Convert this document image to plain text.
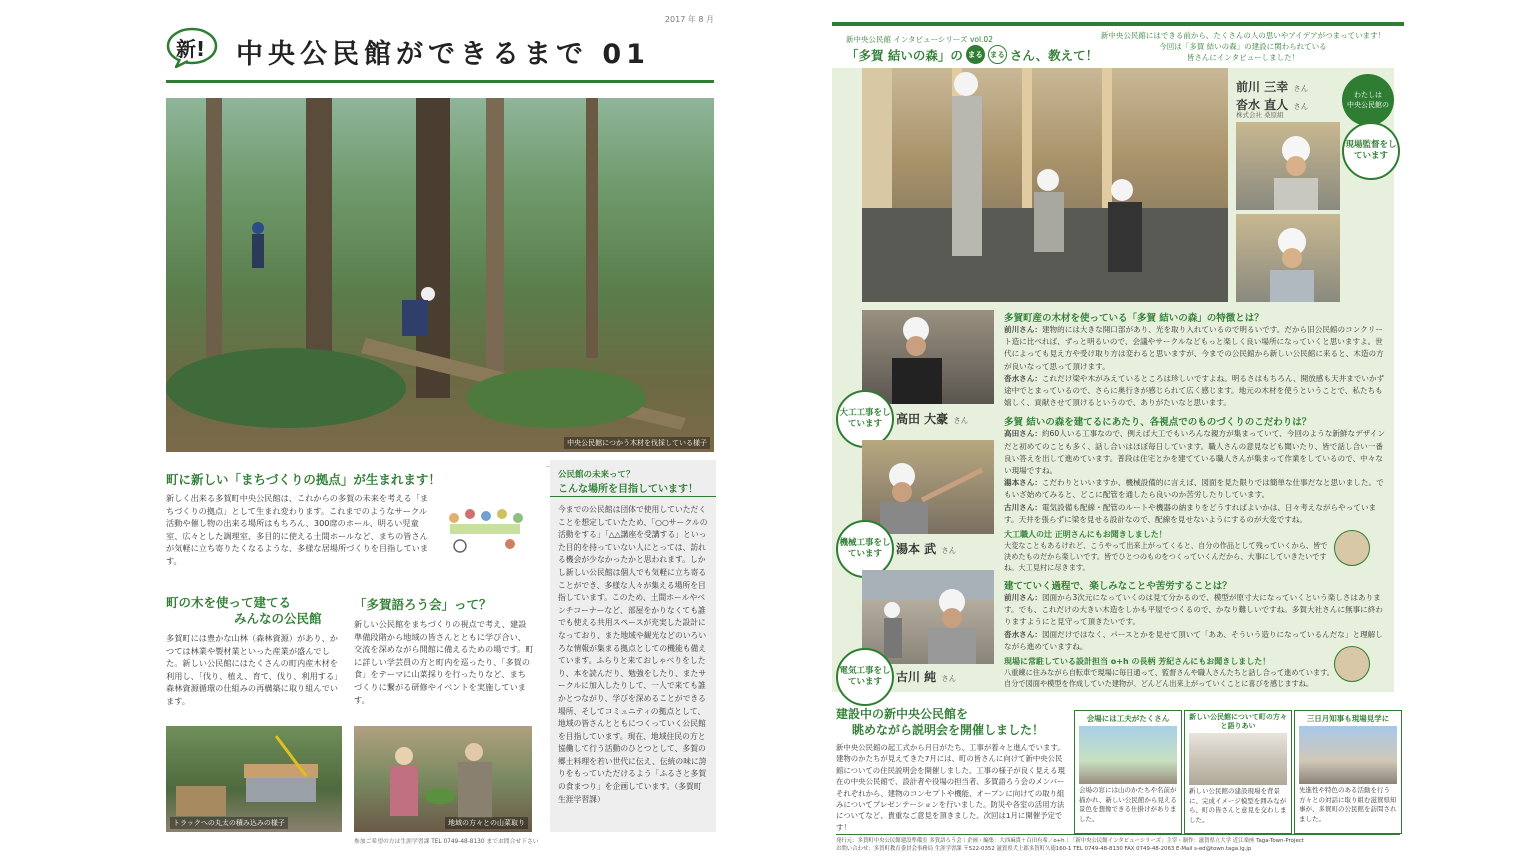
2017 年 8 月
新! 中央公民館ができるまで 01
中央公民館につかう木材を伐採している様子
町に新しい「まちづくりの拠点」が生まれます！
新しく出来る多賀町中央公民館は、これからの多賀の未来を考える「まちづくりの拠点」として生まれ変わります。これまでのようなサークル活動や催し物の出来る場所はもちろん、300席のホール、明るい児童室、広々とした調理室、多目的に使える土間ホールなど、まちの皆さんが気軽に立ち寄りたくなるような、多様な居場所づくりを目指しています。
町の木を使って建てる
みんなの公民館
多賀町には豊かな山林（森林資源）があり、かつては林業や製材業といった産業が盛んでした。新しい公民館にはたくさんの町内産木材を利用し、「伐り、植え、育て、伐り、利用する」森林資源循環の仕組みの再構築に取り組んでいます。
トラックへの丸太の積み込みの様子
「多賀語ろう会」って？
新しい公民館をまちづくりの視点で考え、建設準備段階から地域の皆さんとともに学び合い、交流を深めながら開館に備えるための場です。町に詳しい学芸員の方と町内を巡ったり、「多賀の食」をテーマに山菜採りを行ったりなど、まちづくりに繋がる研修やイベントを実施しています。
地域の方々との山菜取り
参加ご希望の方は生涯学習課 TEL 0749-48-8130 までお問合せ下さい
公民館の未来って？
こんな場所を目指しています！
今までの公民館は団体で使用していただくことを想定していたため、「○○サークルの活動をする」「△△講座を受講する」といった目的を持っていない人にとっては、訪れる機会が少なかったかと思われます。しかし新しい公民館は個人でも気軽に立ち寄ることができ、多様な人々が集える場所を目指しています。このため、土間ホールやベンチコーナーなど、部屋をかりなくても誰でも使える共用スペースが充実した設計になっており、また地域や観光などのいろいろな情報が集まる拠点としての機能も備えています。ふらりと来ておしゃべりをしたり、本を読んだり、勉強をしたり、またサークルに加入したりして、一人で来ても誰かとつながり、学びを深めることができる場所、そしてコミュニティの拠点として、地域の皆さんとともにつくっていく公民館を目指しています。現在、地域住民の方と協働して行う活動のひとつとして、多賀の郷土料理を若い世代に伝え、伝統の味に誇りをもっていただけるよう「ふるさと多賀の食まつり」を企画しています。（多賀町 生涯学習課）
新中央公民館 インタビューシリーズ vol.02
「多賀 結いの森」の まる まる さん、教えて！
新中央公民館にはできる前から、たくさんの人の思いやアイデアがつまっています！
今回は「多賀 結いの森」の建設に関わられている
皆さんにインタビューしました！
前川 三幸 さん
沓水 直人 さん
株式会社 桑原組
わたしは
中央公民館の
現場監督をしています
大工工事をしています	高田 大豪 さん
機械工事をしています	湯本 武 さん
電気工事をしています	古川 純 さん
多賀町産の木材を使っている「多賀 結いの森」の特徴とは？
前川さん：建物的には大きな開口部があり、光を取り入れているので明るいです。だから旧公民館のコンクリート造に比べれば、ずっと明るいので、会議やサークルなどもっと楽しく良い場所になっていくと思いますよ。世代によっても見え方や受け取り方は変わると思いますが、今までの公民館から新しい公民館に来ると、木造の方が良いなって思って頂けます。
沓水さん：これだけ梁や木がみえているところは珍しいですよね。明るさはもちろん、開放感も天井までいかず途中でとまっているので、さらに奥行きが感じられて広く感じます。地元の木材を使うということで、私たちも嬉しく、貢献させて頂けるというので、ありがたいなと思います。
多賀 結いの森を建てるにあたり、各視点でのものづくりのこだわりは？
高田さん：約60人いる工事なので、例えば大工でもいろんな親方が集まっていて、今回のような新鮮なデザインだと初めてのことも多く、話し合いはほぼ毎日しています。職人さんの意見なども聞いたり、皆で話し合い一番良い答えを出して進めています。普段は住宅とかを建てている職人さんが集まって作業をしているので、中々ない現場ですね。
湯本さん：こだわりといいますか、機械設備的に言えば、図面を見た限りでは簡単な仕事だなと思いました。でもいざ始めてみると、どこに配管を通したら良いのか苦労したりしています。
古川さん：電気設備も配線・配管のルートや機器の納まりをどうすればよいかは、日々考えながらやっています。天井を張らずに梁を見せる設計なので、配線を見せないようにするのが大変ですね。
大工職人の辻 正明さんにもお聞きしました！
大変なこともあるけれど、こうやって出来上がってくると、自分の作品として残っていくから、皆で決めたものだから楽しいです。皆でひとつのものをつくっていくんだから、大事にしていきたいですね。大工見村に尽きます。
建てていく過程で、楽しみなことや苦労することは？
前川さん：図面から3次元になっていくのは見て分かるので、模型が原寸大になっていくという楽しさはあります。でも、これだけの大きい木造をしかも平屋でつくるので、かなり難しいですね。多賀大社さんに無事に終わりますようにと見守って頂きたいです。
沓水さん：図面だけではなく、パースとかを見せて頂いて「ああ、そういう造りになっているんだな」と理解しながら進めていますね。
現場に常駐している設計担当 o+h の長柄 芳紀さんにもお聞きしました！
八重練に住みながら自転車で現場に毎日通って、監督さんや職人さんたちと話し合って進めています。自分で図面や模型を作成していた建物が、どんどん出来上がっていくことに喜びを感じますね。
建設中の新中央公民館を
眺めながら説明会を開催しました！
新中央公民館の起工式から月日がたち、工事が着々と進んでいます。建物のかたちが見えてきた7月には、町の皆さんに向けて新中央公民館についての住民説明会を開催しました。工事の様子が良く見える現在の中央公民館で、設計者や役場の担当者、多賀語ろう会のメンバーそれぞれから、建物のコンセプトや機能、オープンに向けての取り組みについてプレゼンテーションを行いました。防災や各室の活用方法についてなど、貴重なご意見を頂きました。次回は1月に開催予定です！
会場には工夫がたくさん
会場の窓には山のかたちや名前が描かれ、新しい公民館から見える景色を想像できる仕掛けがありました。
新しい公民館について町の方々と語りあい
新しい公民館の建設現場を背景に、完成イメージ模型を囲みながら、町の皆さんと意見を交わしました。
三日月知事も現場見学に
先進性や特色のある活動を行う方々との対話に取り組む滋賀県知事が、多賀町の公民館を訪問されました。
発行元：多賀町中央公民館建設準備室 多賀語ろう会｜企画・編集：大西麻貴＋百田有希／o+h｜「新中央公民館インタビューシリーズ」主宰・制作：滋賀県立大学 近江楽座 Taga-Town-Project
お問い合わせ：多賀町教育委員会事務局 生涯学習課 〒522-0352 滋賀県犬上郡多賀町久徳160-1 TEL 0749-48-8130 FAX 0749-48-2063 E-Mail s-ed@town.taga.lg.jp
